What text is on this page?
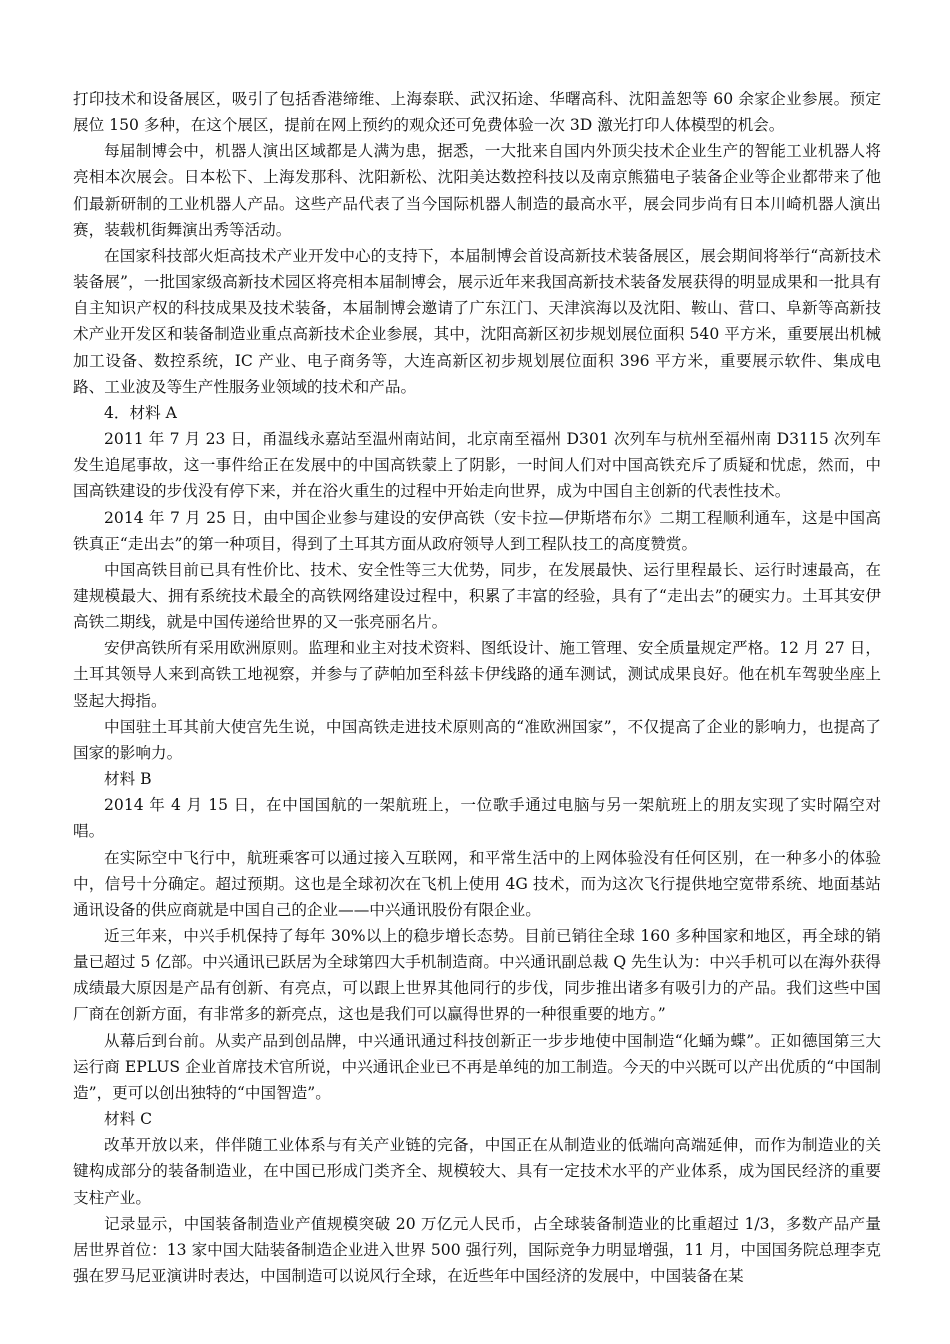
打印技术和设备展区，吸引了包括香港缔维、上海泰联、武汉拓途、华曙高科、沈阳盖恕等 60 余家企业参展。预定展位 150 多种，在这个展区，提前在网上预约的观众还可免费体验一次 3D 激光打印人体模型的机会。

每届制博会中，机器人演出区域都是人满为患，据悉，一大批来自国内外顶尖技术企业生产的智能工业机器人将亮相本次展会。日本松下、上海发那科、沈阳新松、沈阳美达数控科技以及南京熊猫电子装备企业等企业都带来了他们最新研制的工业机器人产品。这些产品代表了当今国际机器人制造的最高水平，展会同步尚有日本川崎机器人演出赛，装载机街舞演出秀等活动。

在国家科技部火炬高技术产业开发中心的支持下，本届制博会首设高新技术装备展区，展会期间将举行“高新技术装备展”，一批国家级高新技术园区将亮相本届制博会，展示近年来我国高新技术装备发展获得的明显成果和一批具有自主知识产权的科技成果及技术装备，本届制博会邀请了广东江门、天津滨海以及沈阳、鞍山、营口、阜新等高新技术产业开发区和装备制造业重点高新技术企业参展，其中，沈阳高新区初步规划展位面积 540 平方米，重要展出机械加工设备、数控系统，IC 产业、电子商务等，大连高新区初步规划展位面积 396 平方米，重要展示软件、集成电路、工业波及等生产性服务业领域的技术和产品。

4．材料 A

2011 年 7 月 23 日，甬温线永嘉站至温州南站间，北京南至福州 D301 次列车与杭州至福州南 D3115 次列车发生追尾事故，这一事件给正在发展中的中国高铁蒙上了阴影，一时间人们对中国高铁充斥了质疑和忧虑，然而，中国高铁建设的步伐没有停下来，并在浴火重生的过程中开始走向世界，成为中国自主创新的代表性技术。

2014 年 7 月 25 日，由中国企业参与建设的安伊高铁（安卡拉—伊斯塔布尔》二期工程顺利通车，这是中国高铁真正“走出去”的第一种项目，得到了土耳其方面从政府领导人到工程队技工的高度赞赏。

中国高铁目前已具有性价比、技术、安全性等三大优势，同步，在发展最快、运行里程最长、运行时速最高，在建规模最大、拥有系统技术最全的高铁网络建设过程中，积累了丰富的经验，具有了“走出去”的硬实力。土耳其安伊高铁二期线，就是中国传递给世界的又一张亮丽名片。

安伊高铁所有采用欧洲原则。监理和业主对技术资料、图纸设计、施工管理、安全质量规定严格。12 月 27 日，土耳其领导人来到高铁工地视察，并参与了萨帕加至科兹卡伊线路的通车测试，测试成果良好。他在机车驾驶坐座上竖起大拇指。

中国驻土耳其前大使宫先生说，中国高铁走进技术原则高的“准欧洲国家”，不仅提高了企业的影响力，也提高了国家的影响力。

材料 B

2014 年 4 月 15 日，在中国国航的一架航班上，一位歌手通过电脑与另一架航班上的朋友实现了实时隔空对唱。

在实际空中飞行中，航班乘客可以通过接入互联网，和平常生活中的上网体验没有任何区别，在一种多小的体验中，信号十分确定。超过预期。这也是全球初次在飞机上使用 4G 技术，而为这次飞行提供地空宽带系统、地面基站通讯设备的供应商就是中国自己的企业——中兴通讯股份有限企业。

近三年来，中兴手机保持了每年 30%以上的稳步增长态势。目前已销往全球 160 多种国家和地区，再全球的销量已超过 5 亿部。中兴通讯已跃居为全球第四大手机制造商。中兴通讯副总裁 Q 先生认为：中兴手机可以在海外获得成绩最大原因是产品有创新、有亮点，可以跟上世界其他同行的步伐，同步推出诸多有吸引力的产品。我们这些中国厂商在创新方面，有非常多的新亮点，这也是我们可以赢得世界的一种很重要的地方。”

从幕后到台前。从卖产品到创品牌，中兴通讯通过科技创新正一步步地使中国制造“化蛹为蝶”。正如德国第三大运行商 EPLUS 企业首席技术官所说，中兴通讯企业已不再是单纯的加工制造。今天的中兴既可以产出优质的“中国制造”，更可以创出独特的“中国智造”。

材料 C

改革开放以来，伴伴随工业体系与有关产业链的完备，中国正在从制造业的低端向高端延伸，而作为制造业的关键构成部分的装备制造业，在中国已形成门类齐全、规模较大、具有一定技术水平的产业体系，成为国民经济的重要支柱产业。

记录显示，中国装备制造业产值规模突破 20 万亿元人民币，占全球装备制造业的比重超过 1/3，多数产品产量居世界首位：13 家中国大陆装备制造企业进入世界 500 强行列，国际竞争力明显增强，11 月，中国国务院总理李克强在罗马尼亚演讲时表达，中国制造可以说风行全球，在近些年中国经济的发展中，中国装备在某
